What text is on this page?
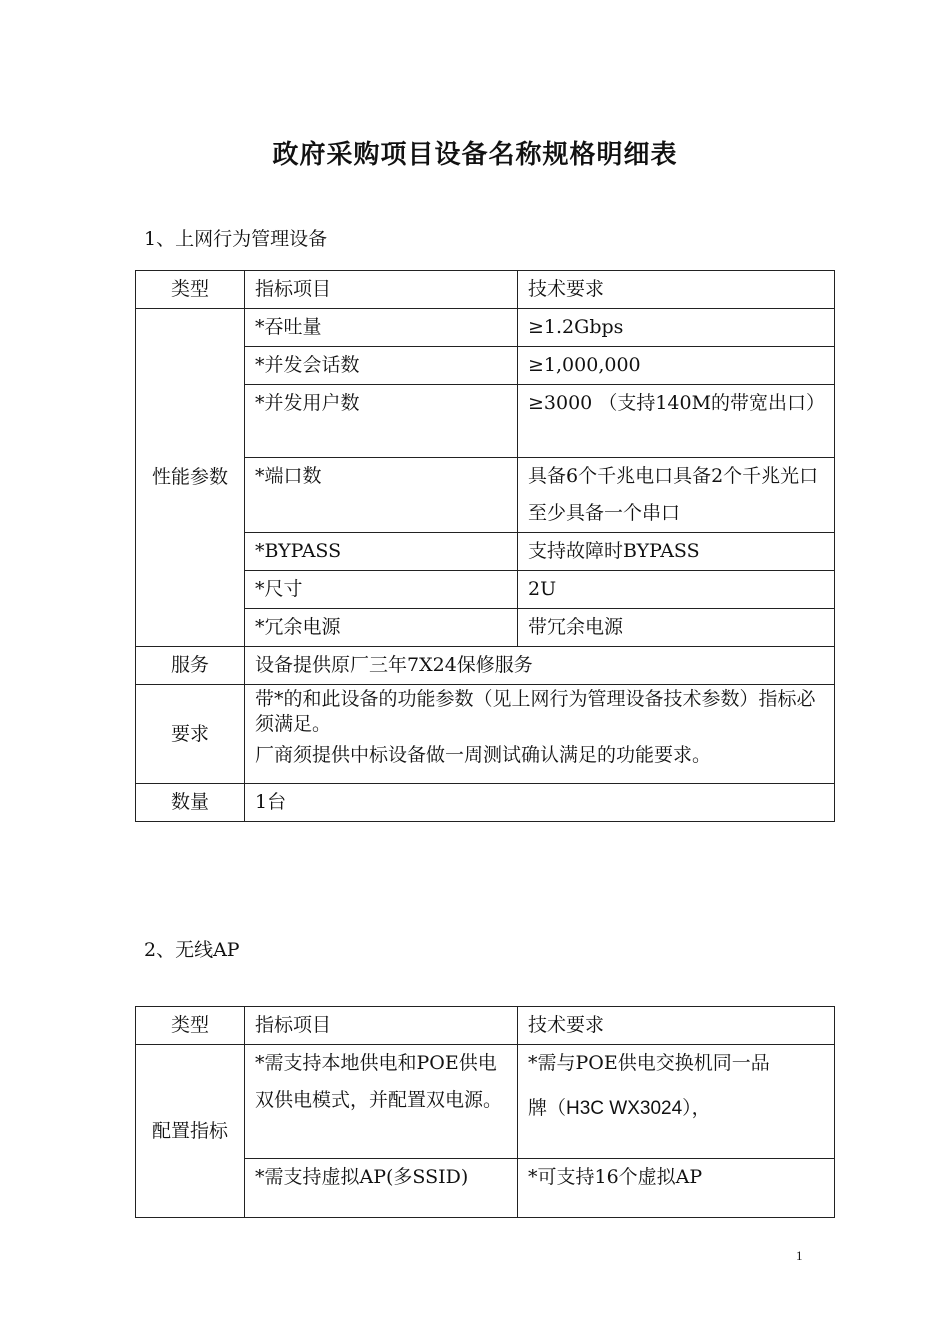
政府采购项目设备名称规格明细表
1、上网行为管理设备
类型	指标项目	技术要求
性能参数	*吞吐量	≥1.2Gbps
	*并发会话数	≥1,000,000
	*并发用户数	≥3000 （支持140M的带宽出口）
	*端口数	具备6个千兆电口具备2个千兆光口至少具备一个串口
	*BYPASS	支持故障时BYPASS
	*尺寸	2U
	*冗余电源	带冗余电源
服务	设备提供原厂三年7X24保修服务	
要求	带*的和此设备的功能参数（见上网行为管理设备技术参数）指标必须满足。
厂商须提供中标设备做一周测试确认满足的功能要求。	

数量	1台	
2、无线AP
类型	指标项目	技术要求
配置指标	*需支持本地供电和POE供电双供电模式，并配置双电源。	*需与POE供电交换机同一品
牌（H3C WX3024），

	*需支持虚拟AP(多SSID)	*可支持16个虚拟AP
1
